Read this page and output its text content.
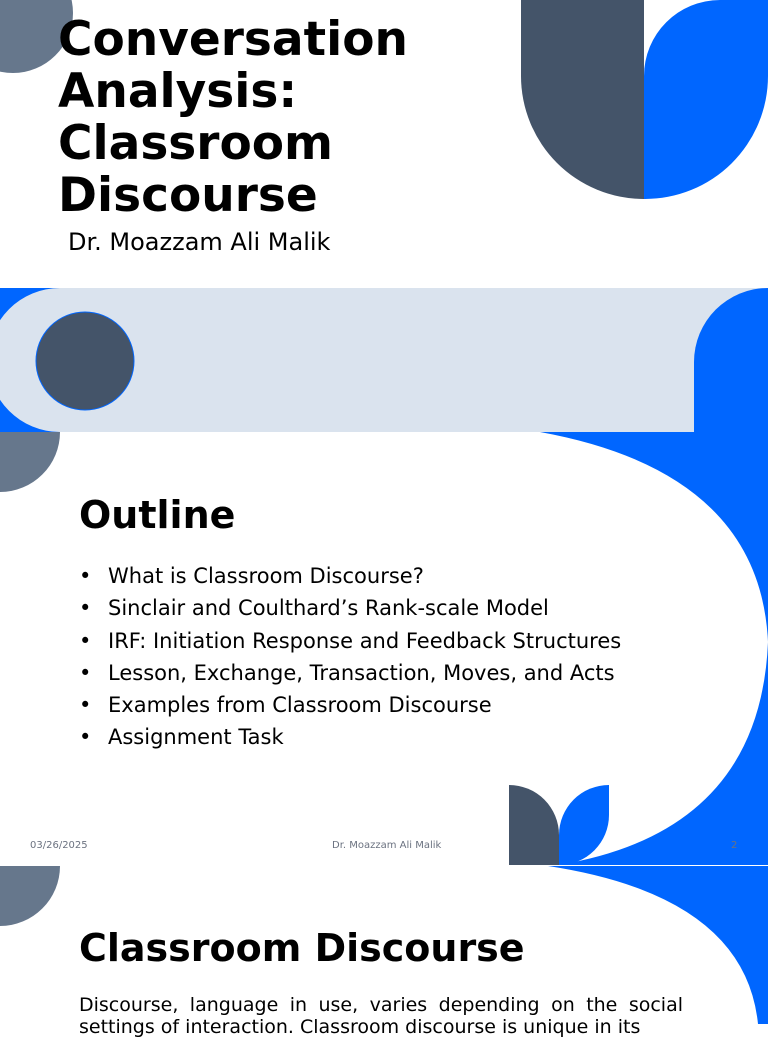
Conversation Analysis: Classroom Discourse
Dr. Moazzam Ali Malik
Outline
• What is Classroom Discourse?
• Sinclair and Coulthard’s Rank-scale Model
• IRF: Initiation Response and Feedback Structures
• Lesson, Exchange, Transaction, Moves, and Acts
• Examples from Classroom Discourse
• Assignment Task
03/26/2025	Dr. Moazzam Ali Malik	2
Classroom Discourse
Discourse, language in use, varies depending on the social settings of interaction. Classroom discourse is unique in its
